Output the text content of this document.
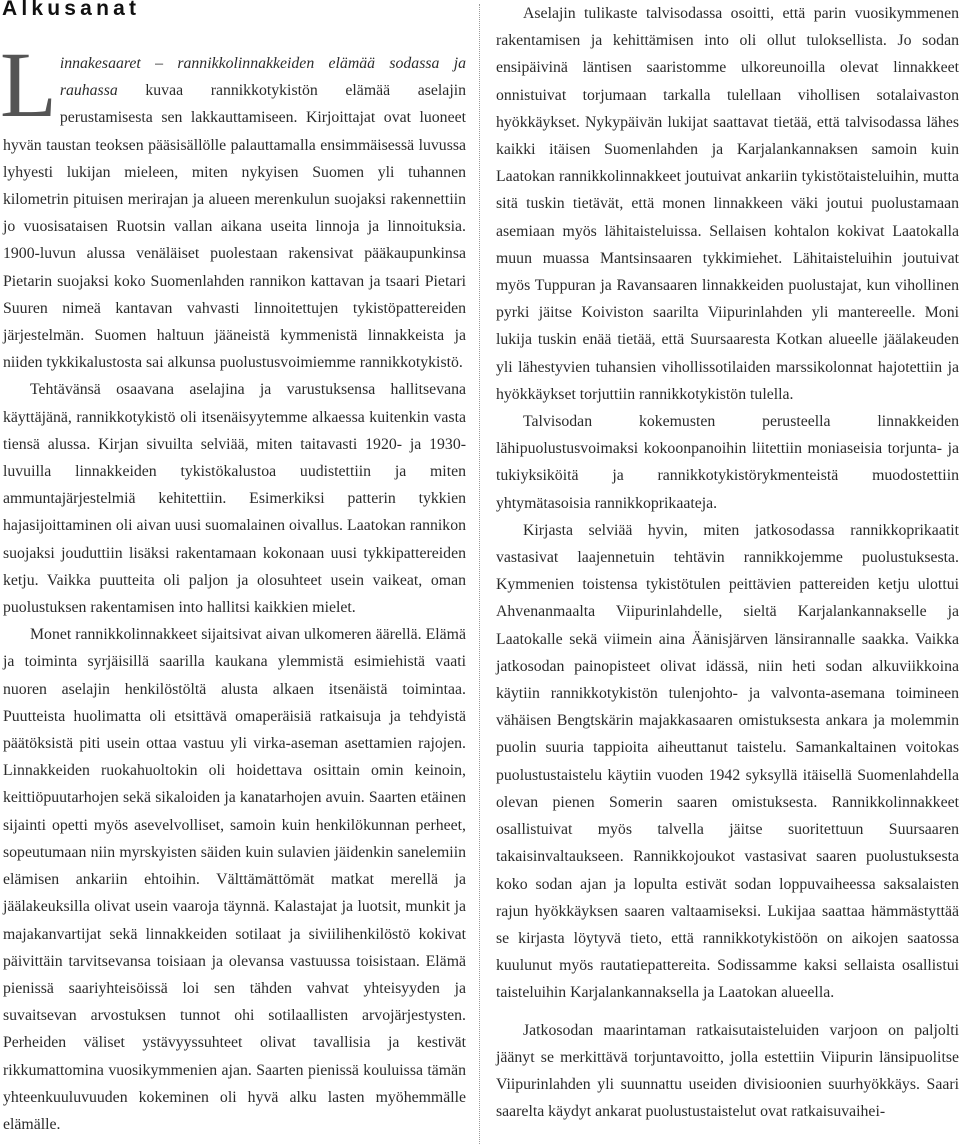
Alkusanat

Linnakesaaret – rannikkolinnakkeiden elämää sodassa ja rauhassa kuvaa rannikkotykistön elämää aselajin perustamisesta sen lakkauttamiseen. Kirjoittajat ovat luoneet hyvän taustan teoksen pääsisällölle palauttamalla ensimmäisessä luvussa lyhyesti lukijan mieleen, miten nykyisen Suomen yli tuhannen kilometrin pituisen merirajan ja alueen merenkulun suojaksi rakennettiin jo vuosisataisen Ruotsin vallan aikana useita linnoja ja linnoituksia. 1900-luvun alussa venäläiset puolestaan rakensivat pääkaupunkinsa Pietarin suojaksi koko Suomenlahden rannikon kattavan ja tsaari Pietari Suuren nimeä kantavan vahvasti linnoitettujen tykistöpattereiden järjestelmän. Suomen haltuun jääneistä kymmenistä linnakkeista ja niiden tykkikalustosta sai alkunsa puolustusvoimiemme rannikkotykistö.

Tehtävänsä osaavana aselajina ja varustuksensa hallitsevana käyttäjänä, rannikkotykistö oli itsenäisyytemme alkaessa kuitenkin vasta tiensä alussa. Kirjan sivuilta selviää, miten taitavasti 1920- ja 1930-luvuilla linnakkeiden tykistökalustoa uudistettiin ja miten ammuntajärjestelmiä kehitettiin. Esimerkiksi patterin tykkien hajasijoittaminen oli aivan uusi suomalainen oivallus. Laatokan rannikon suojaksi jouduttiin lisäksi rakentamaan kokonaan uusi tykkipattereiden ketju. Vaikka puutteita oli paljon ja olosuhteet usein vaikeat, oman puolustuksen rakentamisen into hallitsi kaikkien mielet.

Monet rannikkolinnakkeet sijaitsivat aivan ulkomeren äärellä. Elämä ja toiminta syrjäisillä saarilla kaukana ylemmistä esimiehistä vaati nuoren aselajin henkilöstöltä alusta alkaen itsenäistä toimintaa. Puutteista huolimatta oli etsittävä omaperäisiä ratkaisuja ja tehdyistä päätöksistä piti usein ottaa vastuu yli virka-aseman asettamien rajojen. Linnakkeiden ruokahuoltokin oli hoidettava osittain omin keinoin, keittiöpuutarhojen sekä sikaloiden ja kanatarhojen avuin. Saarten etäinen sijainti opetti myös asevelvolliset, samoin kuin henkilökunnan perheet, sopeutumaan niin myrskyisten säiden kuin sulavien jäidenkin sanelemiin elämisen ankariin ehtoihin. Välttämättömät matkat merellä ja jäälakeuksilla olivat usein vaaroja täynnä. Kalastajat ja luotsit, munkit ja majakanvartijat sekä linnakkeiden sotilaat ja siviilihenkilöstö kokivat päivittäin tarvitsevansa toisiaan ja olevansa vastuussa toisistaan. Elämä pienissä saariyhteisöissä loi sen tähden vahvat yhteisyyden ja suvaitsevan arvostuksen tunnot ohi sotilaallisten arvojärjestysten. Perheiden väliset ystävyyssuhteet olivat tavallisia ja kestivät rikkumattomina vuosikymmenien ajan. Saarten pienissä kouluissa tämän yhteenkuuluvuuden kokeminen oli hyvä alku lasten myöhemmälle elämälle.

Aselajin tulikaste talvisodassa osoitti, että parin vuosikymmenen rakentamisen ja kehittämisen into oli ollut tuloksellista. Jo sodan ensipäivinä läntisen saaristomme ulkoreunoilla olevat linnakkeet onnistuivat torjumaan tarkalla tulellaan vihollisen sotalaivaston hyökkäykset. Nykypäivän lukijat saattavat tietää, että talvisodassa lähes kaikki itäisen Suomenlahden ja Karjalankannaksen samoin kuin Laatokan rannikkolinnakkeet joutuivat ankariin tykistötaisteluihin, mutta sitä tuskin tietävät, että monen linnakkeen väki joutui puolustamaan asemiaan myös lähitaisteluissa. Sellaisen kohtalon kokivat Laatokalla muun muassa Mantsinsaaren tykkimiehet. Lähitaisteluihin joutuivat myös Tuppuran ja Ravansaaren linnakkeiden puolustajat, kun vihollinen pyrki jäitse Koiviston saarilta Viipurinlahden yli mantereelle. Moni lukija tuskin enää tietää, että Suursaaresta Kotkan alueelle jäälakeuden yli lähestyvien tuhansien vihollissotilaiden marssikolonnat hajotettiin ja hyökkäykset torjuttiin rannikkotykistön tulella.

Talvisodan kokemusten perusteella linnakkeiden lähipuolustusvoimaksi kokoonpanoihin liitettiin moniaseisia torjunta- ja tukiyksiköitä ja rannikkotykistörykmenteistä muodostettiin yhtymätasoisia rannikkoprikaateja.

Kirjasta selviää hyvin, miten jatkosodassa rannikkoprikaatit vastasivat laajennetuin tehtävin rannikkojemme puolustuksesta. Kymmenien toistensa tykistötulen peittävien pattereiden ketju ulottui Ahvenanmaalta Viipurinlahdelle, sieltä Karjalankannakselle ja Laatokalle sekä viimein aina Äänisjärven länsirannalle saakka. Vaikka jatkosodan painopisteet olivat idässä, niin heti sodan alkuviikkoina käytiin rannikkotykistön tulenjohto- ja valvonta-asemana toimineen vähäisen Bengtskärin majakkasaaren omistuksesta ankara ja molemmin puolin suuria tappioita aiheuttanut taistelu. Samankaltainen voitokas puolustustaistelu käytiin vuoden 1942 syksyllä itäisellä Suomenlahdella olevan pienen Somerin saaren omistuksesta. Rannikkolinnakkeet osallistuivat myös talvella jäitse suoritettuun Suursaaren takaisinvaltaukseen. Rannikkojoukot vastasivat saaren puolustuksesta koko sodan ajan ja lopulta estivät sodan loppuvaiheessa saksalaisten rajun hyökkäyksen saaren valtaamiseksi. Lukijaa saattaa hämmästyttää se kirjasta löytyvä tieto, että rannikkotykistöön on aikojen saatossa kuulunut myös rautatiepattereita. Sodissamme kaksi sellaista osallistui taisteluihin Karjalankannaksella ja Laatokan alueella.

Jatkosodan maarintaman ratkaisutaisteluiden varjoon on paljolti jäänyt se merkittävä torjuntavoitto, jolla estettiin Viipurin länsipuolitse Viipurinlahden yli suunnattu useiden divisioonien suurhyökkäys. Saari saarelta käydyt ankarat puolustustaistelut ovat ratkaisuvaihei-
